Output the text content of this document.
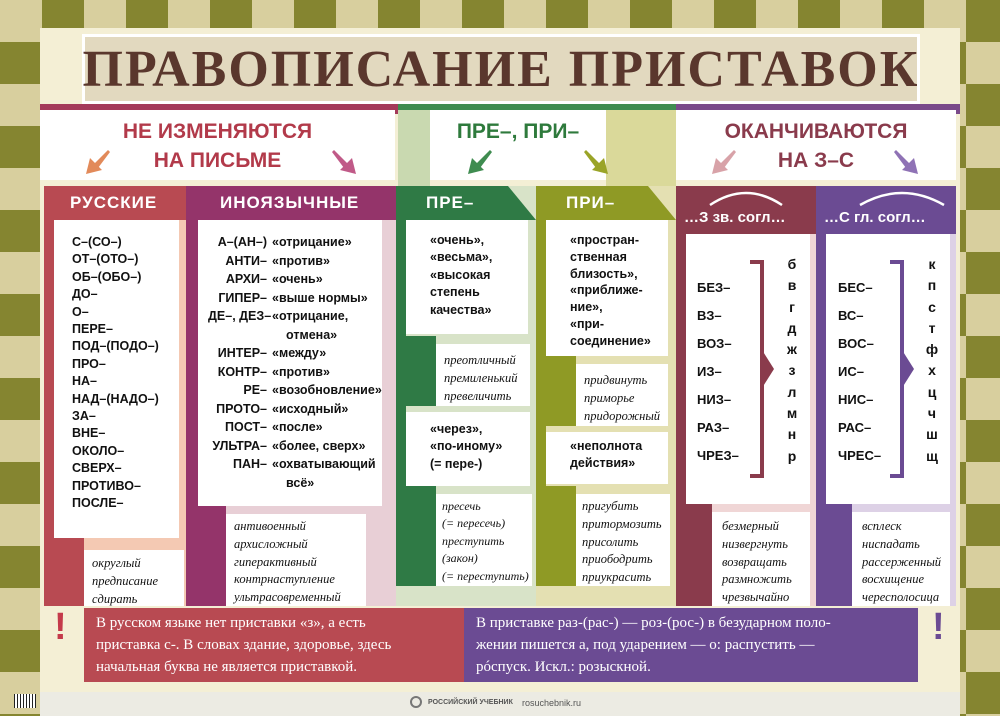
ПРАВОПИСАНИЕ ПРИСТАВОК
НЕ ИЗМЕНЯЮТСЯ
НА ПИСЬМЕ
ПРЕ–, ПРИ–	ОКАНЧИВАЮТСЯ
НА З–С
РУССКИЕ
С–(СО–)
ОТ–(ОТО–)
ОБ–(ОБО–)
ДО–
О–
ПЕРЕ–
ПОД–(ПОДО–)
ПРО–
НА–
НАД–(НАДО–)
ЗА–
ВНЕ–
ОКОЛО–
СВЕРХ–
ПРОТИВО–
ПОСЛЕ–
округлый
предписание
сдирать
ИНОЯЗЫЧНЫЕ
А–(АН–) «отрицание»
АНТИ– «против»
АРХИ– «очень»
ГИПЕР– «выше нормы»
ДЕ–, ДЕЗ– «отрицание,
отмена»
ИНТЕР– «между»
КОНТР– «против»
РЕ– «возобновление»
ПРОТО– «исходный»
ПОСТ– «после»
УЛЬТРА– «более, сверх»
ПАН– «охватывающий
всё»
антивоенный
архисложный
гиперактивный
контрнаступление
ультрасовременный
ПРЕ–
«очень»,
«весьма»,
«высокая
степень
качества»
преотличный
премиленький
превеличить
«через»,
«по-иному»
(= пере-)
пресечь
(= пересечь)
преступить
(закон)
(= переступить)
ПРИ–
«простран-
ственная
близость»,
«приближе-
ние»,
«при-
соединение»
придвинуть
приморье
придорожный
«неполнота
действия»
пригубить
притормозить
присолить
приободрить
приукрасить
…З зв. согл…
БЕЗ–
ВЗ–
ВОЗ–
ИЗ–
НИЗ–
РАЗ–
ЧРЕЗ–
б
в
г
д
ж
з
л
м
н
р
безмерный
низвергнуть
возвращать
размножить
чрезвычайно
…С гл. согл…
БЕС–
ВС–
ВОС–
ИС–
НИС–
РАС–
ЧРЕС–
к
п
с
т
ф
х
ц
ч
ш
щ
всплеск
ниспадать
рассерженный
восхищение
чересполосица
! В русском языке нет приставки «з», а есть
приставка с-. В словах здание, здоровье, здесь
начальная буква не является приставкой.
В приставке раз-(рас-) — роз-(рос-) в безударном поло-
жении пишется а, под ударением — о: распустить —
рóспуск. Искл.: розыскной.
!
РОССИЙСКИЙ УЧЕБНИК rosuchebnik.ru
